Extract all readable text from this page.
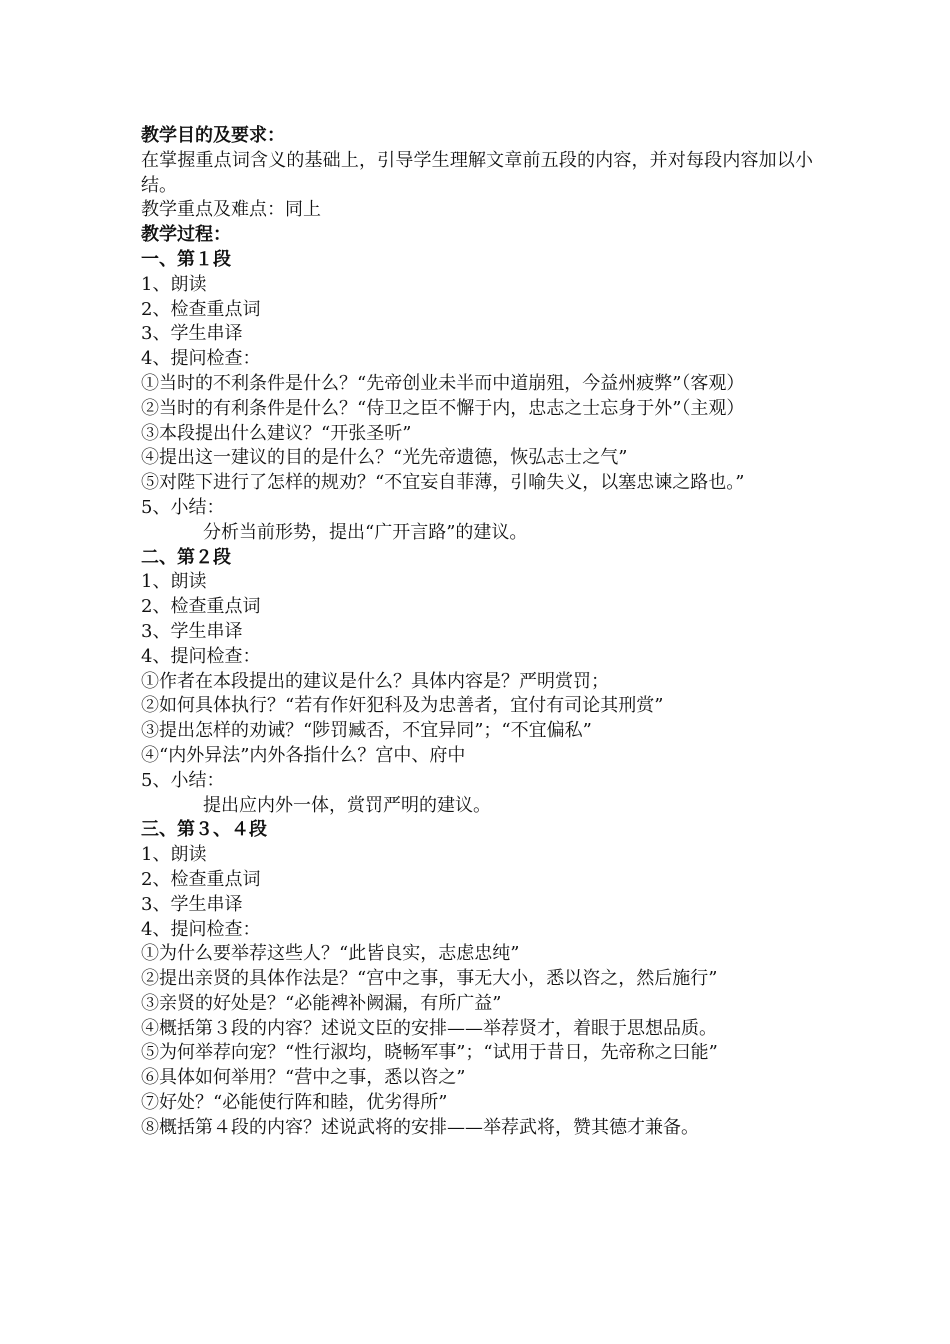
教学目的及要求：

在掌握重点词含义的基础上，引导学生理解文章前五段的内容，并对每段内容加以小结。

教学重点及难点：同上

教学过程：

一、第１段

1、朗读

2、检查重点词

3、学生串译

4、提问检查：

①当时的不利条件是什么？“先帝创业未半而中道崩殂，今益州疲弊”（客观）

②当时的有利条件是什么？“侍卫之臣不懈于内，忠志之士忘身于外”（主观）

③本段提出什么建议？“开张圣听”

④提出这一建议的目的是什么？“光先帝遗德，恢弘志士之气”

⑤对陛下进行了怎样的规劝？“不宜妄自菲薄，引喻失义，以塞忠谏之路也。”

5、小结：

分析当前形势，提出“广开言路”的建议。

二、第２段

1、朗读

2、检查重点词

3、学生串译

4、提问检查：

①作者在本段提出的建议是什么？具体内容是？严明赏罚；

②如何具体执行？“若有作奸犯科及为忠善者，宜付有司论其刑赏”

③提出怎样的劝诫？“陟罚臧否，不宜异同”；“不宜偏私”

④“内外异法”内外各指什么？宫中、府中

5、小结：

提出应内外一体，赏罚严明的建议。

三、第３、４段

1、朗读

2、检查重点词

3、学生串译

4、提问检查：

①为什么要举荐这些人？“此皆良实，志虑忠纯”

②提出亲贤的具体作法是？“宫中之事，事无大小，悉以咨之，然后施行”

③亲贤的好处是？“必能裨补阙漏，有所广益”

④概括第３段的内容？述说文臣的安排——举荐贤才，着眼于思想品质。

⑤为何举荐向宠？“性行淑均，晓畅军事”；“试用于昔日，先帝称之曰能”

⑥具体如何举用？“营中之事，悉以咨之”

⑦好处？“必能使行阵和睦，优劣得所”

⑧概括第４段的内容？述说武将的安排——举荐武将，赞其德才兼备。
